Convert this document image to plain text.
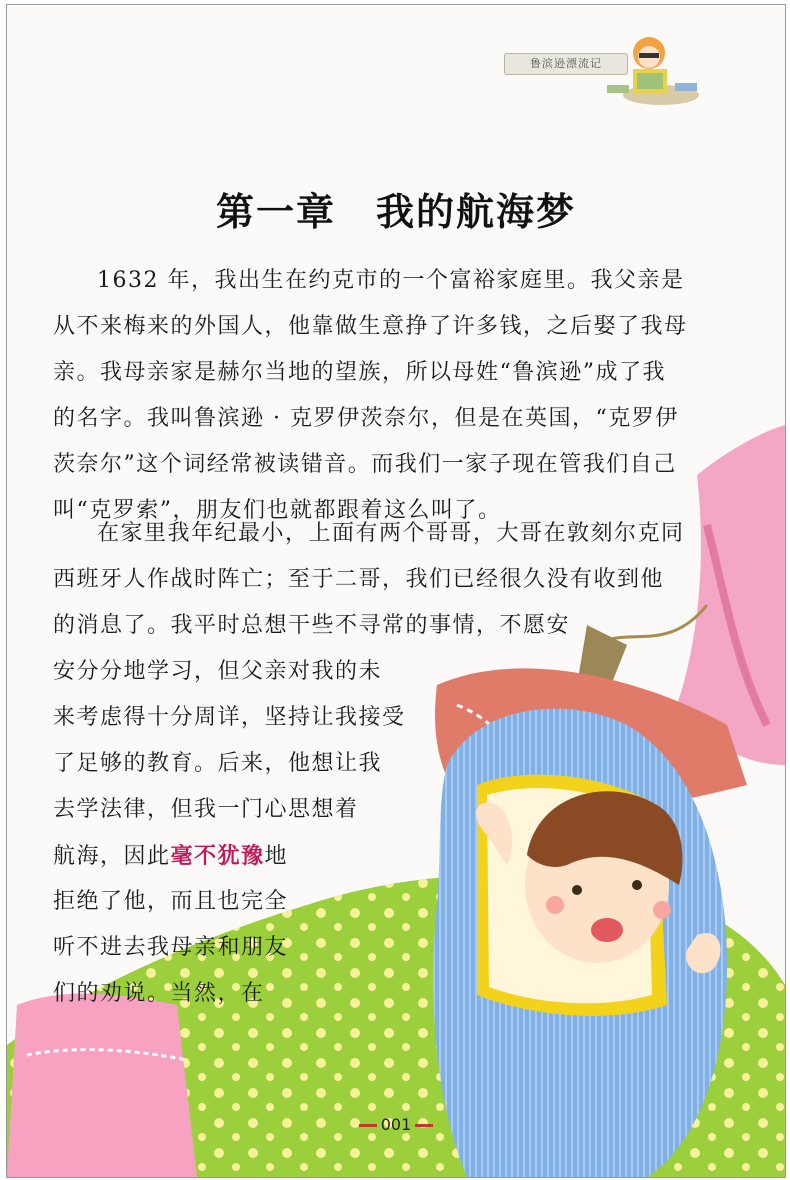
鲁滨逊漂流记
第一章　我的航海梦
1632 年，我出生在约克市的一个富裕家庭里。我父亲是
从不来梅来的外国人，他靠做生意挣了许多钱，之后娶了我母
亲。我母亲家是赫尔当地的望族，所以母姓“鲁滨逊”成了我
的名字。我叫鲁滨逊 · 克罗伊茨奈尔，但是在英国，“克罗伊
茨奈尔”这个词经常被读错音。而我们一家子现在管我们自己
叫“克罗索”，朋友们也就都跟着这么叫了。
在家里我年纪最小，上面有两个哥哥，大哥在敦刻尔克同
西班牙人作战时阵亡；至于二哥，我们已经很久没有收到他
的消息了。我平时总想干些不寻常的事情，不愿安
安分分地学习，但父亲对我的未
来考虑得十分周详，坚持让我接受
了足够的教育。后来，他想让我
去学法律，但我一门心思想着
航海，因此毫不犹豫地
拒绝了他，而且也完全
听不进去我母亲和朋友
们的劝说。当然，在
001
